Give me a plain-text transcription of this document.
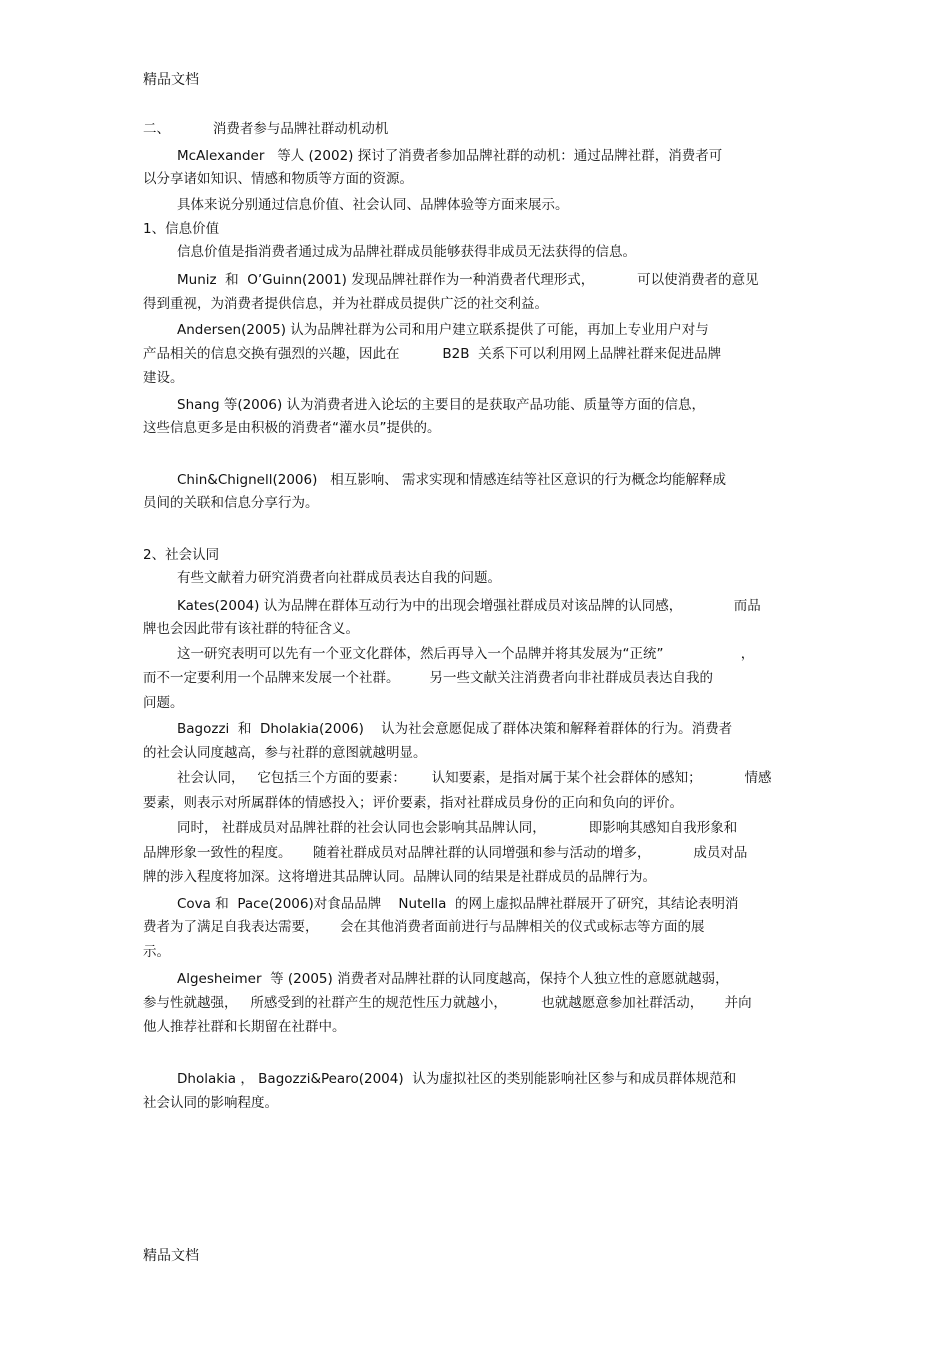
精品文档
二、          消费者参与品牌社群动机动机
McAlexander   等人 (2002) 探讨了消费者参加品牌社群的动机：通过品牌社群，消费者可
以分享诸如知识、情感和物质等方面的资源。
具体来说分别通过信息价值、社会认同、品牌体验等方面来展示。
1、信息价值
信息价值是指消费者通过成为品牌社群成员能够获得非成员无法获得的信息。
Muniz  和  O’Guinn(2001) 发现品牌社群作为一种消费者代理形式，          可以使消费者的意见
得到重视，为消费者提供信息，并为社群成员提供广泛的社交利益。
Andersen(2005) 认为品牌社群为公司和用户建立联系提供了可能，再加上专业用户对与
产品相关的信息交换有强烈的兴趣，因此在          B2B  关系下可以利用网上品牌社群来促进品牌
建设。
Shang 等(2006) 认为消费者进入论坛的主要目的是获取产品功能、质量等方面的信息，
这些信息更多是由积极的消费者“灌水员”提供的。
Chin&Chignell(2006)   相互影响、 需求实现和情感连结等社区意识的行为概念均能解释成
员间的关联和信息分享行为。
2、社会认同
有些文献着力研究消费者向社群成员表达自我的问题。
Kates(2004) 认为品牌在群体互动行为中的出现会增强社群成员对该品牌的认同感，            而品
牌也会因此带有该社群的特征含义。
这一研究表明可以先有一个亚文化群体，然后再导入一个品牌并将其发展为“正统”                  ，
而不一定要利用一个品牌来发展一个社群。       另一些文献关注消费者向非社群成员表达自我的
问题。
Bagozzi  和  Dholakia(2006)    认为社会意愿促成了群体决策和解释着群体的行为。消费者
的社会认同度越高，参与社群的意图就越明显。
社会认同，   它包括三个方面的要素：      认知要素，是指对属于某个社会群体的感知；          情感
要素，则表示对所属群体的情感投入；评价要素，指对社群成员身份的正向和负向的评价。
同时， 社群成员对品牌社群的社会认同也会影响其品牌认同，          即影响其感知自我形象和
品牌形象一致性的程度。     随着社群成员对品牌社群的认同增强和参与活动的增多，          成员对品
牌的涉入程度将加深。这将增进其品牌认同。品牌认同的结果是社群成员的品牌行为。
Cova 和  Pace(2006)对食品品牌    Nutella  的网上虚拟品牌社群展开了研究，其结论表明消
费者为了满足自我表达需要，     会在其他消费者面前进行与品牌相关的仪式或标志等方面的展
示。
Algesheimer  等 (2005) 消费者对品牌社群的认同度越高，保持个人独立性的意愿就越弱，
参与性就越强，   所感受到的社群产生的规范性压力就越小，        也就越愿意参加社群活动，     并向
他人推荐社群和长期留在社群中。
Dholakia ， Bagozzi&Pearo(2004)  认为虚拟社区的类别能影响社区参与和成员群体规范和
社会认同的影响程度。
精品文档
